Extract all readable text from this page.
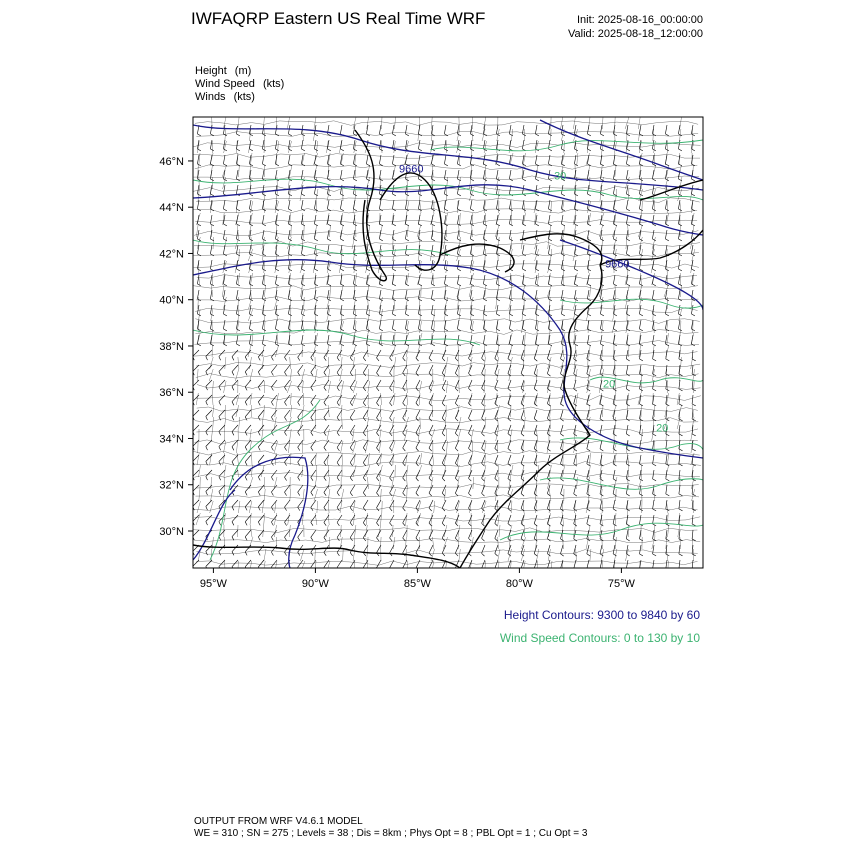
IWFAQRP Eastern US Real Time WRF	Init: 2025-08-16_00:00:00
Valid: 2025-08-18_12:00:00
Height (m)
Wind Speed (kts)
Winds (kts)
9660
9660
30
20
20
95°W	90°W	85°W	80°W	75°W
46°N
44°N
42°N
40°N
38°N
36°N
34°N
32°N
30°N
Height Contours: 9300 to 9840 by 60
Wind Speed Contours: 0 to 130 by 10
OUTPUT FROM WRF V4.6.1 MODEL
WE = 310 ; SN = 275 ; Levels = 38 ; Dis = 8km ; Phys Opt = 8 ; PBL Opt = 1 ; Cu Opt = 3
